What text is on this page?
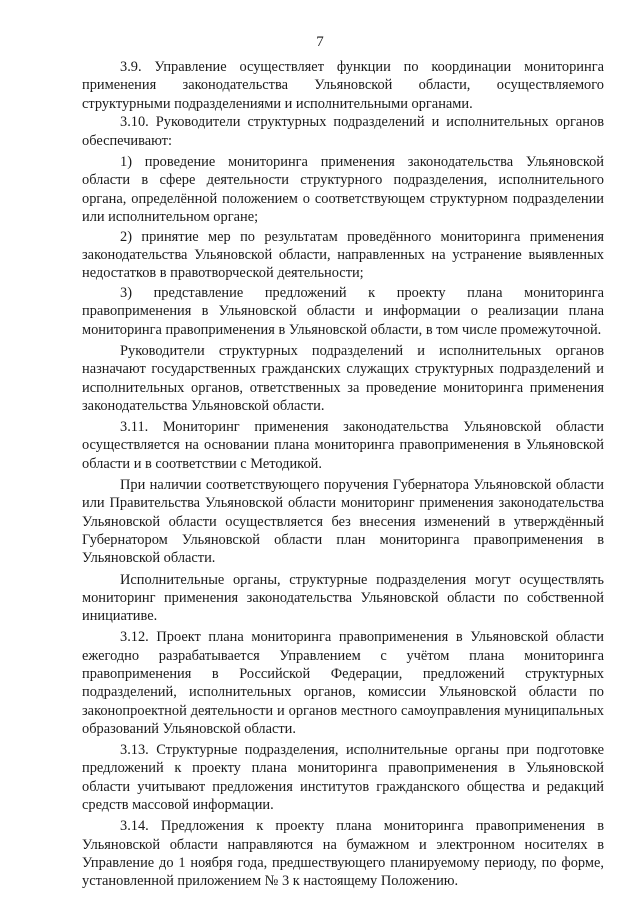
7

3.9. Управление осуществляет функции по координации мониторинга применения законодательства Ульяновской области, осуществляемого структурными подразделениями и исполнительными органами.

3.10. Руководители структурных подразделений и исполнительных органов обеспечивают:

1) проведение мониторинга применения законодательства Ульяновской области в сфере деятельности структурного подразделения, исполнительного органа, определённой положением о соответствующем структурном подразделении или исполнительном органе;

2) принятие мер по результатам проведённого мониторинга применения законодательства Ульяновской области, направленных на устранение выявленных недостатков в правотворческой деятельности;

3) представление предложений к проекту плана мониторинга правоприменения в Ульяновской области и информации о реализации плана мониторинга правоприменения в Ульяновской области, в том числе промежуточной.

Руководители структурных подразделений и исполнительных органов назначают государственных гражданских служащих структурных подразделений и исполнительных органов, ответственных за проведение мониторинга применения законодательства Ульяновской области.

3.11. Мониторинг применения законодательства Ульяновской области осуществляется на основании плана мониторинга правоприменения в Ульяновской области и в соответствии с Методикой.

При наличии соответствующего поручения Губернатора Ульяновской области или Правительства Ульяновской области мониторинг применения законодательства Ульяновской области осуществляется без внесения изменений в утверждённый Губернатором Ульяновской области план мониторинга правоприменения в Ульяновской области.

Исполнительные органы, структурные подразделения могут осуществлять мониторинг применения законодательства Ульяновской области по собственной инициативе.

3.12. Проект плана мониторинга правоприменения в Ульяновской области ежегодно разрабатывается Управлением с учётом плана мониторинга правоприменения в Российской Федерации, предложений структурных подразделений, исполнительных органов, комиссии Ульяновской области по законопроектной деятельности и органов местного самоуправления муниципальных образований Ульяновской области.

3.13. Структурные подразделения, исполнительные органы при подготовке предложений к проекту плана мониторинга правоприменения в Ульяновской области учитывают предложения институтов гражданского общества и редакций средств массовой информации.

3.14. Предложения к проекту плана мониторинга правоприменения в Ульяновской области направляются на бумажном и электронном носителях в Управление до 1 ноября года, предшествующего планируемому периоду, по форме, установленной приложением № 3 к настоящему Положению.
